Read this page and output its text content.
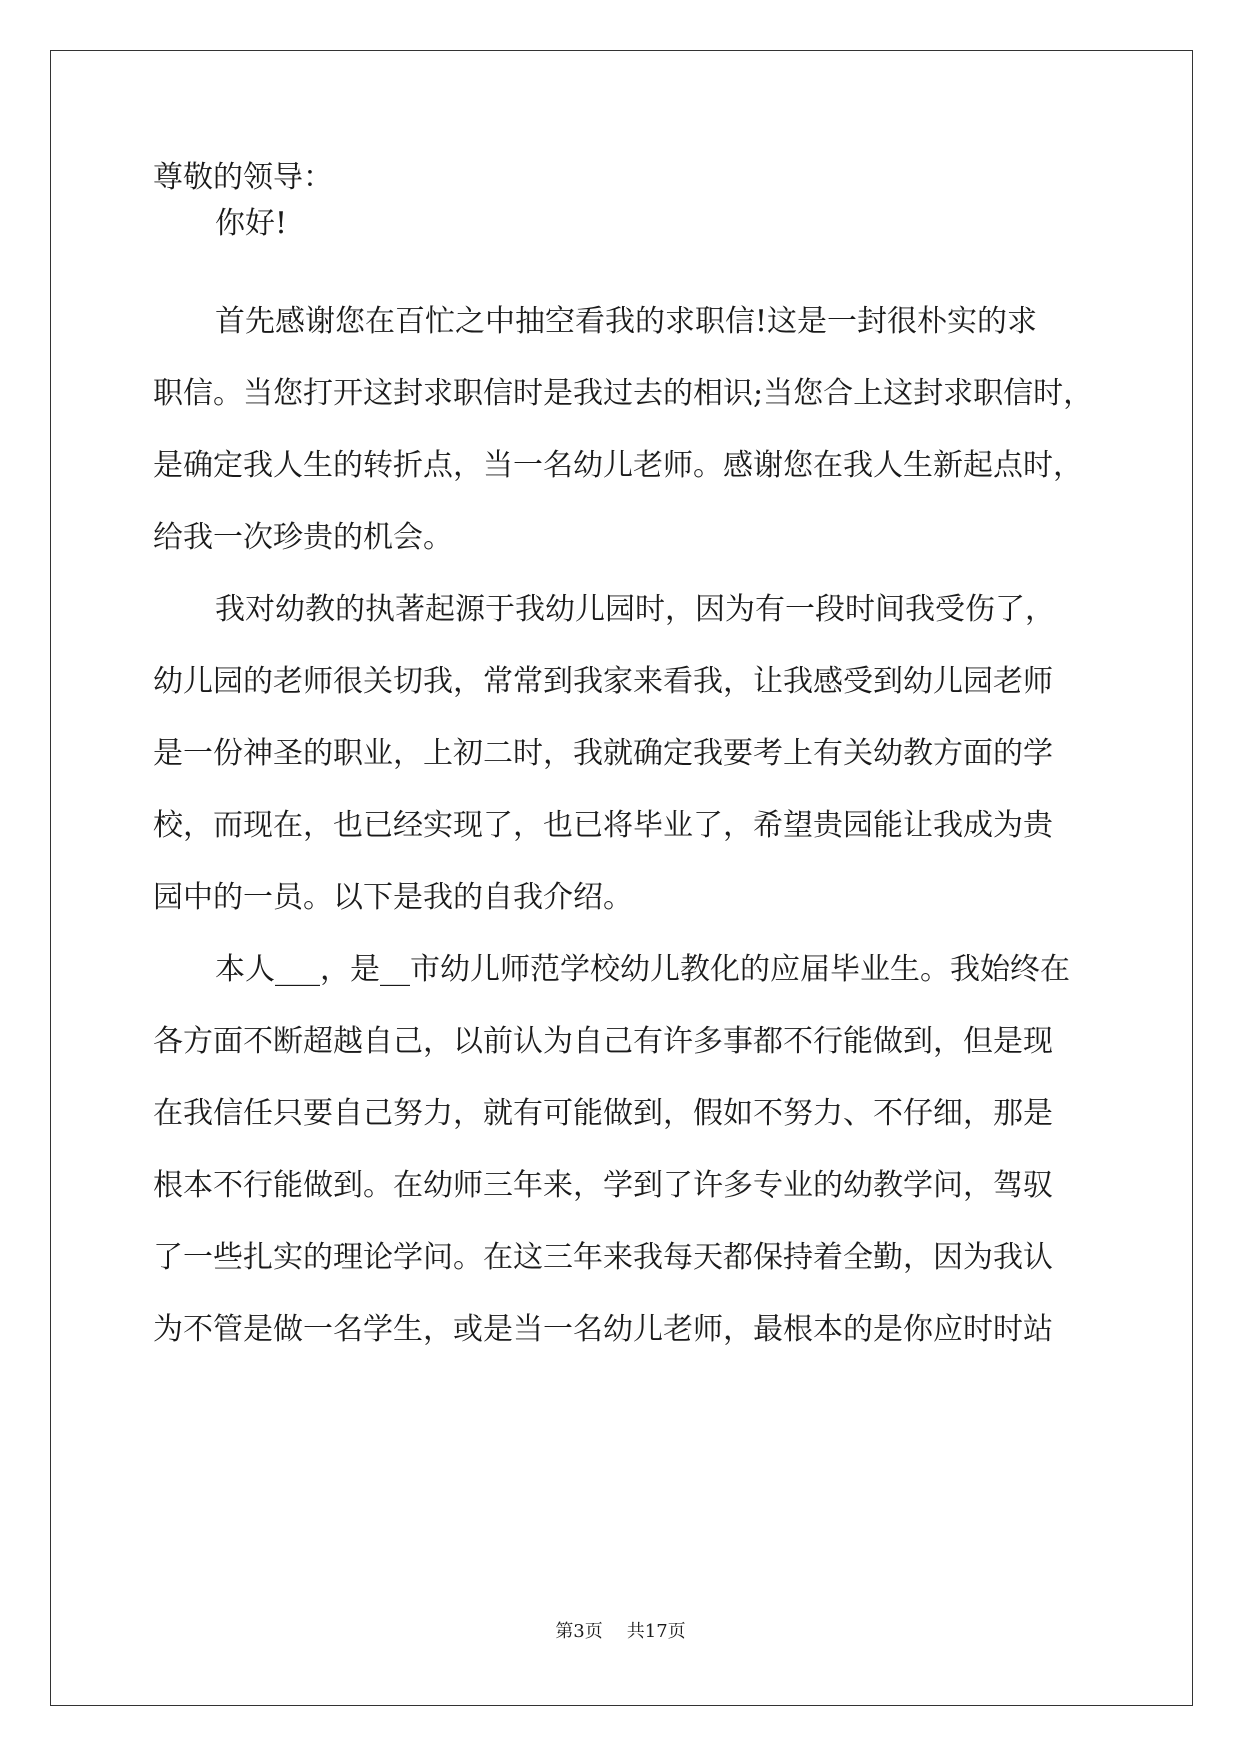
尊敬的领导：
你好!
首先感谢您在百忙之中抽空看我的求职信!这是一封很朴实的求
职信。当您打开这封求职信时是我过去的相识;当您合上这封求职信时，
是确定我人生的转折点，当一名幼儿老师。感谢您在我人生新起点时，
给我一次珍贵的机会。
我对幼教的执著起源于我幼儿园时，因为有一段时间我受伤了，
幼儿园的老师很关切我，常常到我家来看我，让我感受到幼儿园老师
是一份神圣的职业，上初二时，我就确定我要考上有关幼教方面的学
校，而现在，也已经实现了，也已将毕业了，希望贵园能让我成为贵
园中的一员。以下是我的自我介绍。
本人___，是__市幼儿师范学校幼儿教化的应届毕业生。我始终在
各方面不断超越自己，以前认为自己有许多事都不行能做到，但是现
在我信任只要自己努力，就有可能做到，假如不努力、不仔细，那是
根本不行能做到。在幼师三年来，学到了许多专业的幼教学问，驾驭
了一些扎实的理论学问。在这三年来我每天都保持着全勤，因为我认
为不管是做一名学生，或是当一名幼儿老师，最根本的是你应时时站
第3页 共17页
